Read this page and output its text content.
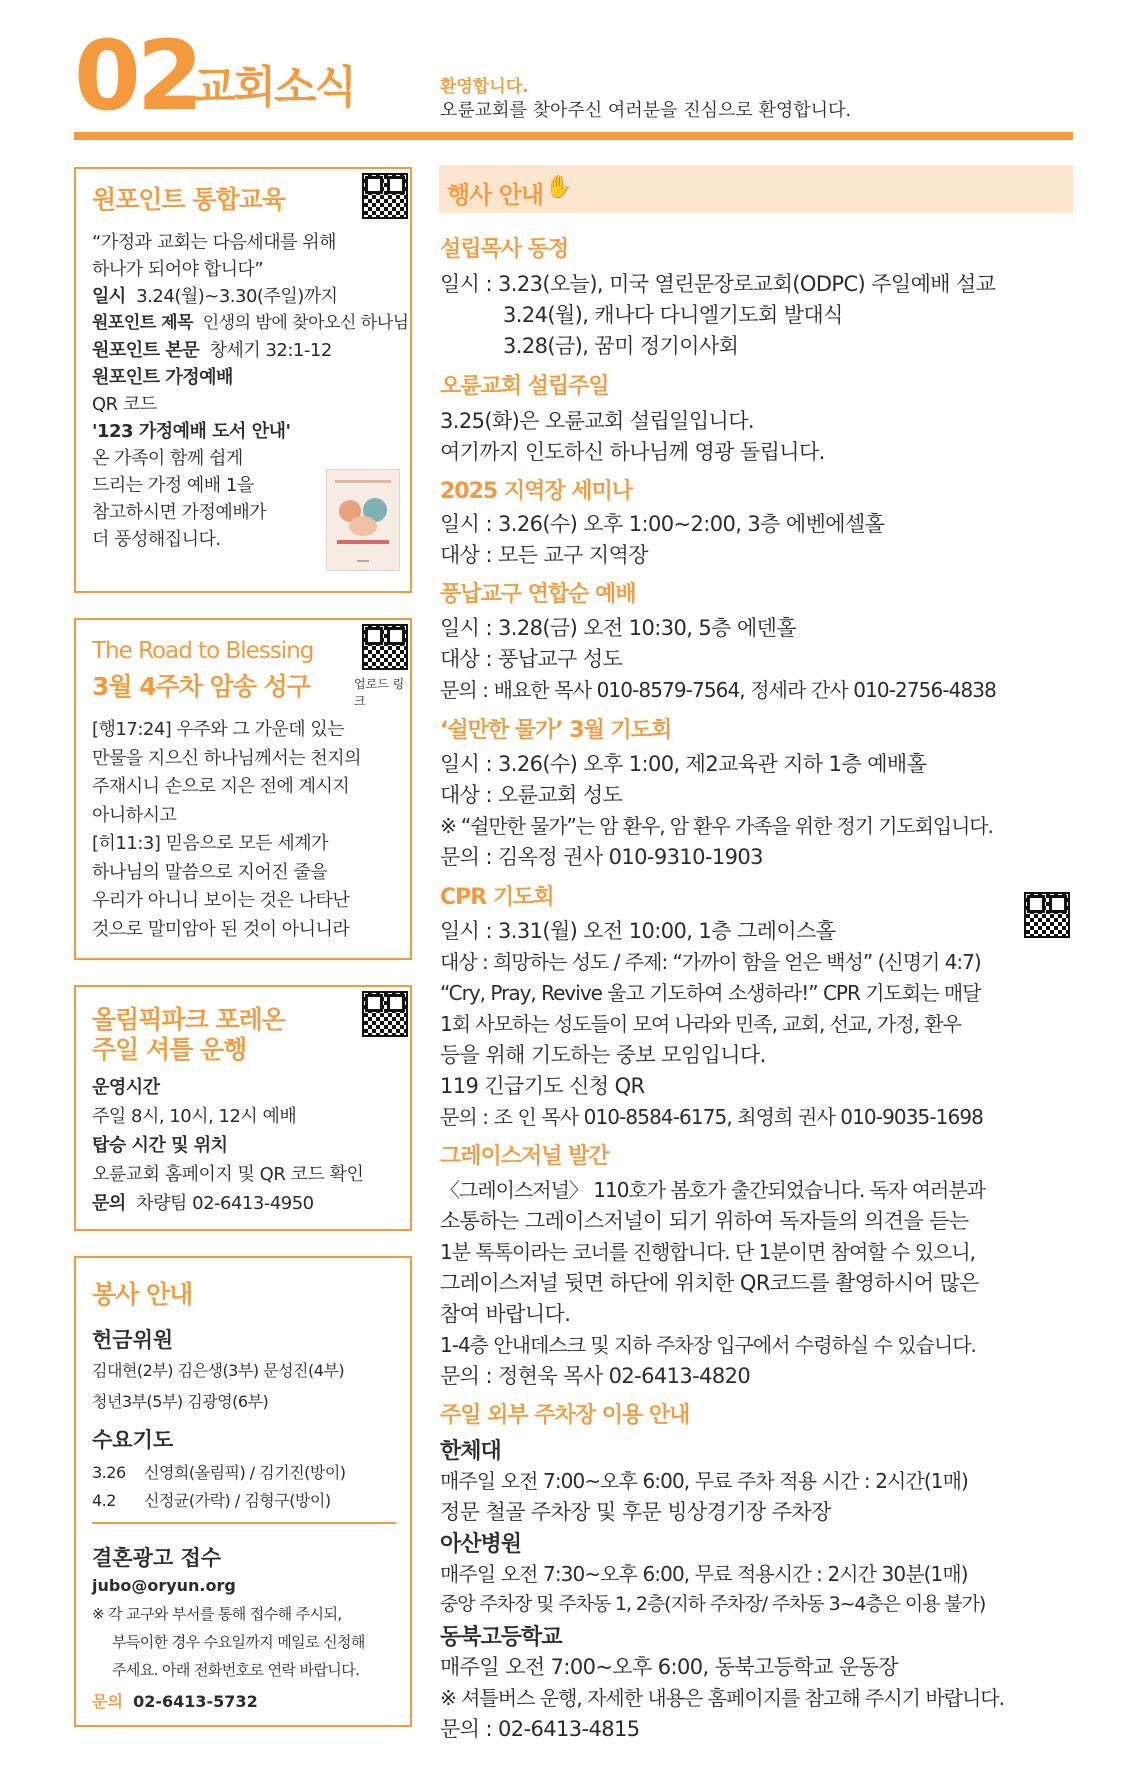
02
교회소식	환영합니다.
오륜교회를 찾아주신 여러분을 진심으로 환영합니다.
원포인트 통합교육
“가정과 교회는 다음세대를 위해
하나가 되어야 합니다”
일시 3.24(월)~3.30(주일)까지
원포인트 제목 인생의 밤에 찾아오신 하나님
원포인트 본문 창세기 32:1-12
원포인트 가정예배
QR 코드
'123 가정예배 도서 안내'
온 가족이 함께 쉽게
드리는 가정 예배 1을
참고하시면 가정예배가
더 풍성해집니다.
업로드 링크
The Road to Blessing
3월 4주차 암송 성구
[행17:24] 우주와 그 가운데 있는
만물을 지으신 하나님께서는 천지의
주재시니 손으로 지은 전에 계시지
아니하시고
[히11:3] 믿음으로 모든 세계가
하나님의 말씀으로 지어진 줄을
우리가 아니니 보이는 것은 나타난
것으로 말미암아 된 것이 아니니라
올림픽파크 포레온
주일 셔틀 운행
운영시간
주일 8시, 10시, 12시 예배
탑승 시간 및 위치
오륜교회 홈페이지 및 QR 코드 확인
문의 차량팀 02-6413-4950
봉사 안내
헌금위원
김대현(2부) 김은생(3부) 문성진(4부)
청년3부(5부) 김광영(6부)
수요기도
3.26 신영희(올림픽) / 김기진(방이)
4.2 신정균(가락) / 김형구(방이)
결혼광고 접수
jubo@oryun.org
※ 각 교구와 부서를 통해 접수해 주시되,
부득이한 경우 수요일까지 메일로 신청해
주세요. 아래 전화번호로 연락 바랍니다.
문의 02-6413-5732
행사 안내 ✋
설립목사 동정
일시 : 3.23(오늘), 미국 열린문장로교회(ODPC) 주일예배 설교
3.24(월), 캐나다 다니엘기도회 발대식
3.28(금), 꿈미 정기이사회
오륜교회 설립주일
3.25(화)은 오륜교회 설립일입니다.
여기까지 인도하신 하나님께 영광 돌립니다.
2025 지역장 세미나
일시 : 3.26(수) 오후 1:00~2:00, 3층 에벤에셀홀
대상 : 모든 교구 지역장
풍납교구 연합순 예배
일시 : 3.28(금) 오전 10:30, 5층 에덴홀
대상 : 풍납교구 성도
문의 : 배요한 목사 010-8579-7564, 정세라 간사 010-2756-4838
‘쉴만한 물가’ 3월 기도회
일시 : 3.26(수) 오후 1:00, 제2교육관 지하 1층 예배홀
대상 : 오륜교회 성도
※ “쉴만한 물가”는 암 환우, 암 환우 가족을 위한 정기 기도회입니다.
문의 : 김옥정 권사 010-9310-1903
CPR 기도회
일시 : 3.31(월) 오전 10:00, 1층 그레이스홀
대상 : 희망하는 성도 / 주제: “가까이 함을 얻은 백성” (신명기 4:7)
“Cry, Pray, Revive 울고 기도하여 소생하라!” CPR 기도회는 매달
1회 사모하는 성도들이 모여 나라와 민족, 교회, 선교, 가정, 환우
등을 위해 기도하는 중보 모임입니다.
119 긴급기도 신청 QR
문의 : 조 인 목사 010-8584-6175, 최영희 권사 010-9035-1698
그레이스저널 발간
〈그레이스저널〉 110호가 봄호가 출간되었습니다. 독자 여러분과
소통하는 그레이스저널이 되기 위하여 독자들의 의견을 듣는
1분 톡톡이라는 코너를 진행합니다. 단 1분이면 참여할 수 있으니,
그레이스저널 뒷면 하단에 위치한 QR코드를 촬영하시어 많은
참여 바랍니다.
1-4층 안내데스크 및 지하 주차장 입구에서 수령하실 수 있습니다.
문의 : 정현욱 목사 02-6413-4820
주일 외부 주차장 이용 안내
한체대
매주일 오전 7:00~오후 6:00, 무료 주차 적용 시간 : 2시간(1매)
정문 철골 주차장 및 후문 빙상경기장 주차장
아산병원
매주일 오전 7:30~오후 6:00, 무료 적용시간 : 2시간 30분(1매)
중앙 주차장 및 주차동 1, 2층(지하 주차장/ 주차동 3~4층은 이용 불가)
동북고등학교
매주일 오전 7:00~오후 6:00, 동북고등학교 운동장
※ 셔틀버스 운행, 자세한 내용은 홈페이지를 참고해 주시기 바랍니다.
문의 : 02-6413-4815
